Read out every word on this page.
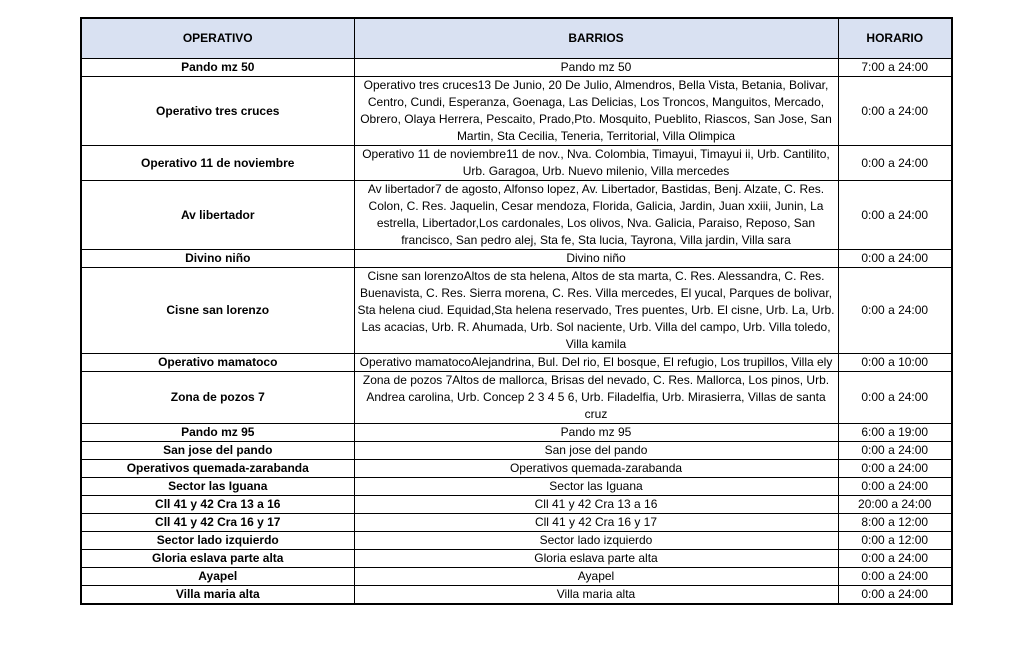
OPERATIVO	BARRIOS	HORARIO
Pando mz 50	Pando mz 50	7:00 a 24:00
Operativo tres cruces	Operativo tres cruces13 De Junio, 20 De Julio, Almendros, Bella Vista, Betania, Bolivar, Centro, Cundi, Esperanza, Goenaga, Las Delicias, Los Troncos, Manguitos, Mercado, Obrero, Olaya Herrera, Pescaito, Prado,Pto. Mosquito, Pueblito, Riascos, San Jose, San Martin, Sta Cecilia, Teneria, Territorial, Villa Olimpica	0:00 a 24:00
Operativo 11 de noviembre	Operativo 11 de noviembre11 de nov., Nva. Colombia, Timayui, Timayui ii, Urb. Cantilito, Urb. Garagoa, Urb. Nuevo milenio, Villa mercedes	0:00 a 24:00
Av libertador	Av libertador7 de agosto, Alfonso lopez, Av. Libertador, Bastidas, Benj. Alzate, C. Res. Colon, C. Res. Jaquelin, Cesar mendoza, Florida, Galicia, Jardin, Juan xxiii, Junin, La estrella, Libertador,Los cardonales, Los olivos, Nva. Galicia, Paraiso, Reposo, San francisco, San pedro alej, Sta fe, Sta lucia, Tayrona, Villa jardin, Villa sara	0:00 a 24:00
Divino niño	Divino niño	0:00 a 24:00
Cisne san lorenzo	Cisne san lorenzoAltos de sta helena, Altos de sta marta, C. Res. Alessandra, C. Res. Buenavista, C. Res. Sierra morena, C. Res. Villa mercedes, El yucal, Parques de bolivar, Sta helena ciud. Equidad,Sta helena reservado, Tres puentes, Urb. El cisne, Urb. La, Urb. Las acacias, Urb. R. Ahumada, Urb. Sol naciente, Urb. Villa del campo, Urb. Villa toledo, Villa kamila	0:00 a 24:00
Operativo mamatoco	Operativo mamatocoAlejandrina, Bul. Del rio, El bosque, El refugio, Los trupillos, Villa ely	0:00 a 10:00
Zona de pozos 7	Zona de pozos 7Altos de mallorca, Brisas del nevado, C. Res. Mallorca, Los pinos, Urb. Andrea carolina, Urb. Concep 2 3 4 5 6, Urb. Filadelfia, Urb. Mirasierra, Villas de santa cruz	0:00 a 24:00
Pando mz 95	Pando mz 95	6:00 a 19:00
San jose del pando	San jose del pando	0:00 a 24:00
Operativos quemada-zarabanda	Operativos quemada-zarabanda	0:00 a 24:00
Sector las Iguana	Sector las Iguana	0:00 a 24:00
Cll 41 y 42 Cra 13 a 16	Cll 41 y 42 Cra 13 a 16	20:00 a 24:00
Cll 41 y 42 Cra 16 y 17	Cll 41 y 42 Cra 16 y 17	8:00 a 12:00
Sector lado izquierdo	Sector lado izquierdo	0:00 a 12:00
Gloria eslava parte alta	Gloria eslava parte alta	0:00 a 24:00
Ayapel	Ayapel	0:00 a 24:00
Villa maria alta	Villa maria alta	0:00 a 24:00
